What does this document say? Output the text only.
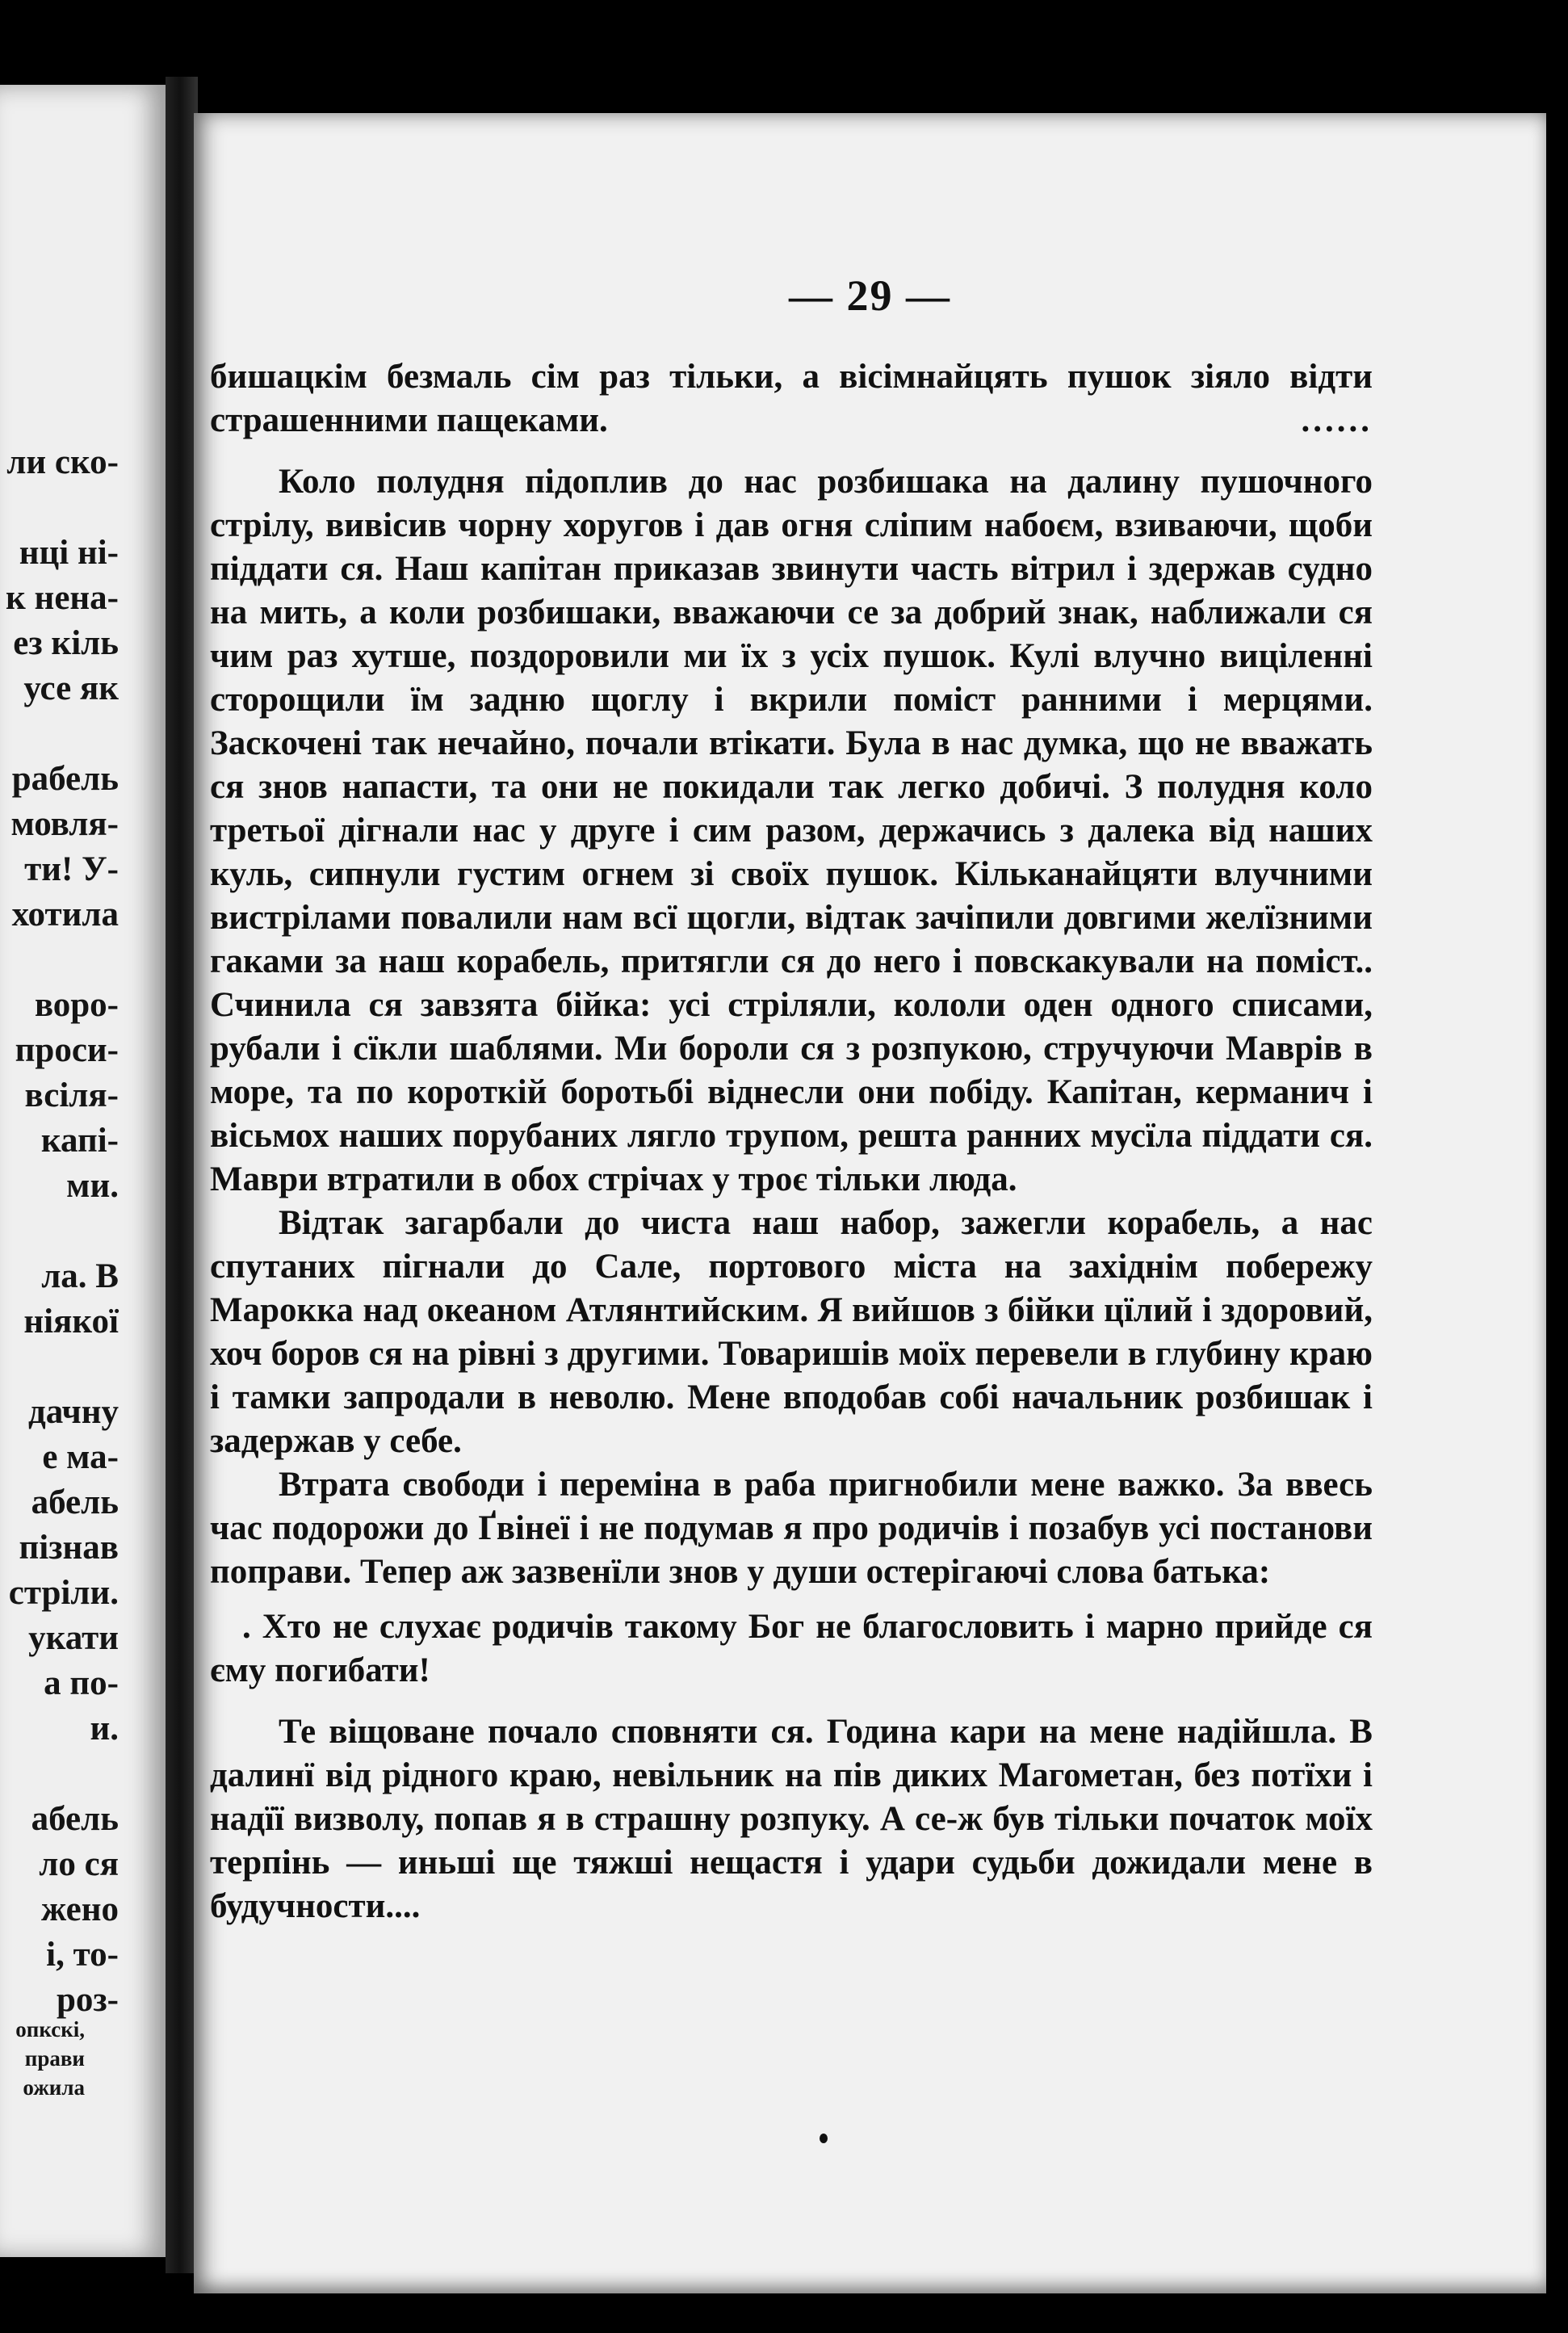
ли ско-
нці ні-
к нена-
ез кіль
усе як
рабель
мовля-
ти! У-
хотила
воро-
проси-
всіля-
капі-
ми.
ла. В
ніякої
дачну
е ма-
абель
пізнав
стріли.
укати
а по-
и.
абель
ло ся
жено
і, то-
роз-
опкскі,
прави
ожила
— 29 —

бишацкім безмаль сім раз тільки, а вісімнайцять пушок зіяло відти страшенними пащеками.	......

Коло полудня підоплив до нас розбишака на далину пушочного стрілу, вивісив чорну хоругов і дав огня сліпим набоєм, взиваючи, щоби піддати ся. Наш капітан приказав звинути часть вітрил і здержав судно на мить, а коли розбишаки, вважаючи се за добрий знак, наближали ся чим раз хутше, поздоровили ми їх з усіх пушок. Кулі влучно виціленні сторощили їм задню щоглу і вкрили поміст ранними і мерцями. Заскочені так нечайно, почали втікати. Була в нас думка, що не вважать ся знов напасти, та они не покидали так легко добичі. З полудня коло третьої дігнали нас у друге і сим разом, держачись з далека від наших куль, сипнули густим огнем зі своїх пушок. Кільканайцяти влучними вистрілами повалили нам всї щогли, відтак зачіпили довгими желїзними гаками за наш корабель, притягли ся до него і повскакували на поміст.. Счинила ся завзята бійка: усі стріляли, кололи оден одного списами, рубали і сїкли шаблями. Ми бороли ся з розпукою, стручуючи Маврів в море, та по короткій боротьбі віднесли они побіду. Капітан, керманич і вісьмох наших порубаних лягло трупом, решта ранних мусїла піддати ся. Маври втратили в обох стрічах у троє тільки люда.

Відтак загарбали до чиста наш набор, зажегли корабель, а нас спутаних пігнали до Сале, портового міста на західнім побережу Марокка над океаном Атлянтийским. Я вийшов з бійки цїлий і здоровий, хоч боров ся на рівні з другими. Товаришів моїх перевели в глубину краю і тамки запродали в неволю. Мене вподобав собі начальник розбишак і задержав у себе.

Втрата свободи і переміна в раба пригнобили мене важко. За ввесь час подорожи до Ґвінеї і не подумав я про родичів і позабув усі постанови поправи. Тепер аж зазвенїли знов у души остерігаючі слова батька:

. Хто не слухає родичів такому Бог не благословить і марно прийде ся єму погибати!

Те віщоване почало сповняти ся. Година кари на мене надійшла. В далинї від рідного краю, невільник на пів диких Магометан, без потїхи і надїї визволу, попав я в страшну розпуку. А се-ж був тільки початок моїх терпінь — иньші ще тяжші нещастя і удари судьби дожидали мене в будучности....
